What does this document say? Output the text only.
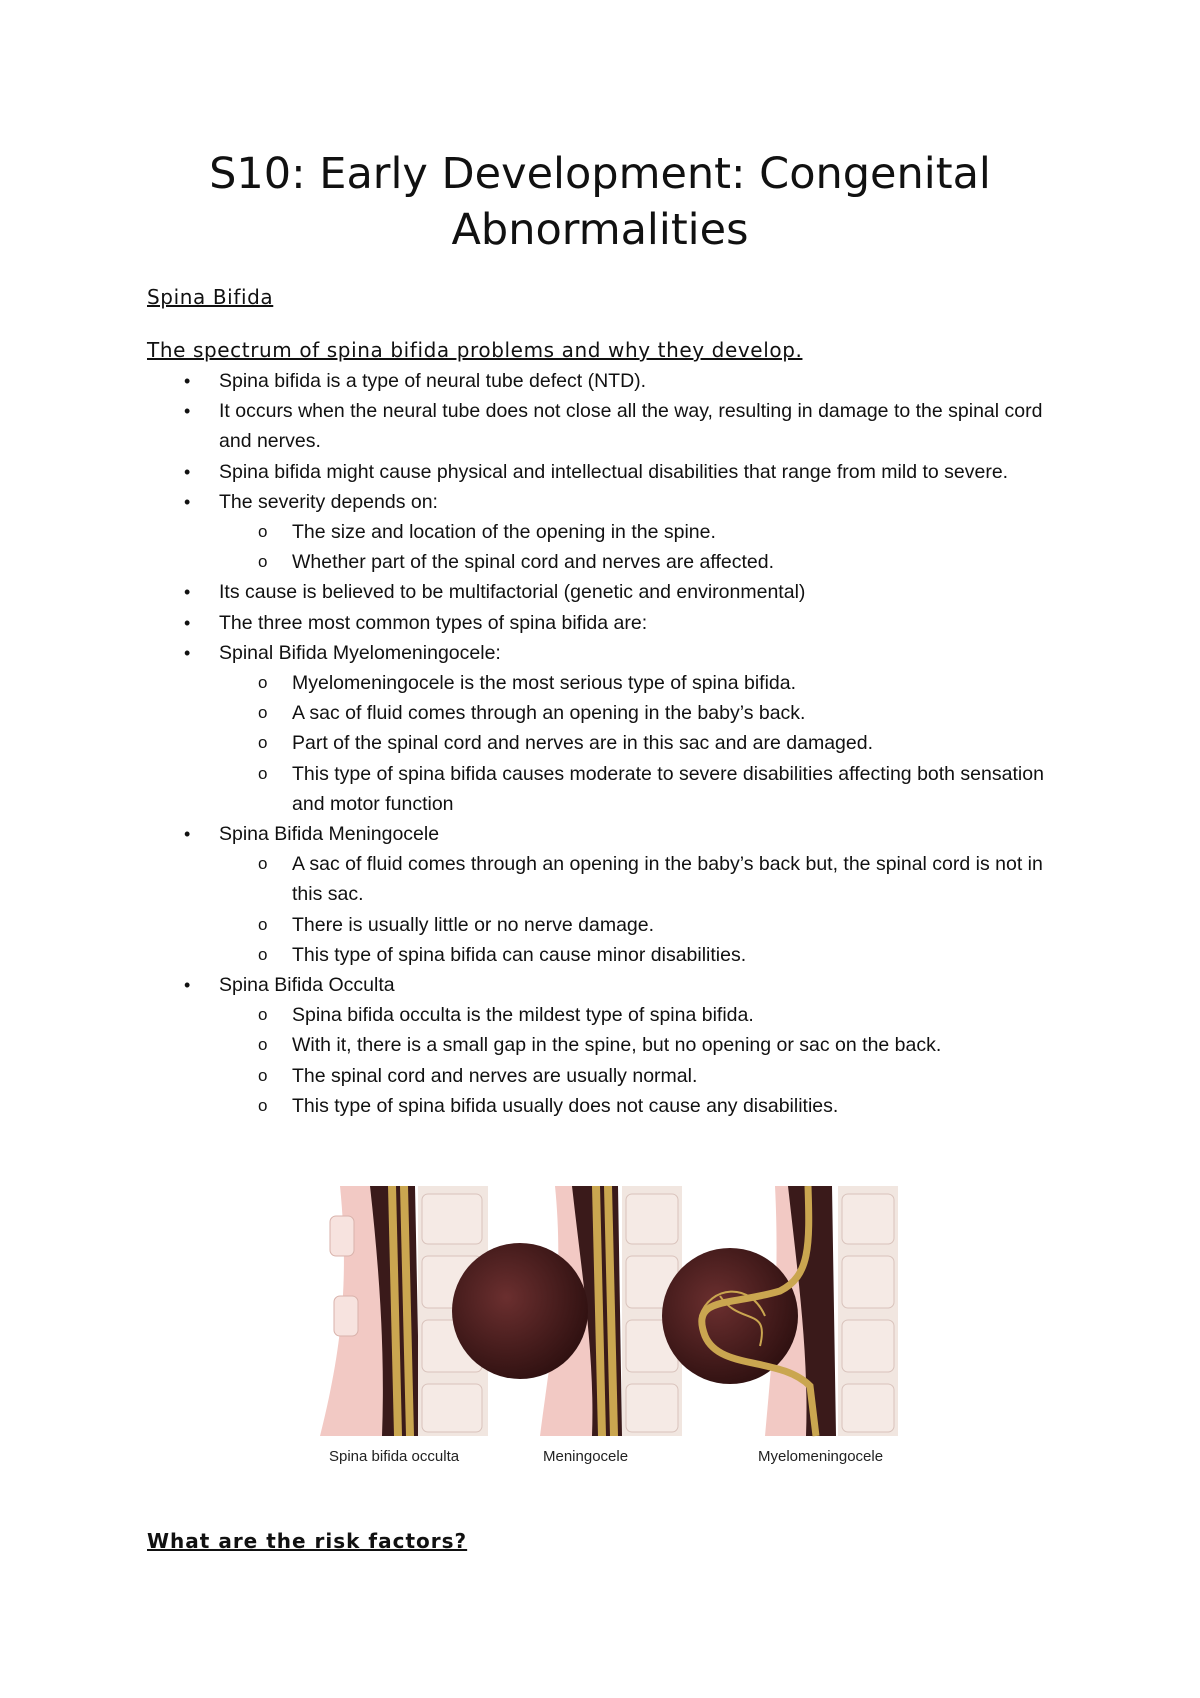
S10: Early Development: Congenital Abnormalities
Spina Bifida
The spectrum of spina bifida problems and why they develop.
• Spina bifida is a type of neural tube defect (NTD).
• It occurs when the neural tube does not close all the way, resulting in damage to the spinal cord and nerves.
• Spina bifida might cause physical and intellectual disabilities that range from mild to severe.
• The severity depends on:
o The size and location of the opening in the spine.
o Whether part of the spinal cord and nerves are affected.
• Its cause is believed to be multifactorial (genetic and environmental)
• The three most common types of spina bifida are:
• Spinal Bifida Myelomeningocele:
o Myelomeningocele is the most serious type of spina bifida.
o A sac of fluid comes through an opening in the baby’s back.
o Part of the spinal cord and nerves are in this sac and are damaged.
o This type of spina bifida causes moderate to severe disabilities affecting both sensation and motor function
• Spina Bifida Meningocele
o A sac of fluid comes through an opening in the baby’s back but, the spinal cord is not in this sac.
o There is usually little or no nerve damage.
o This type of spina bifida can cause minor disabilities.
• Spina Bifida Occulta
o Spina bifida occulta is the mildest type of spina bifida.
o With it, there is a small gap in the spine, but no opening or sac on the back.
o The spinal cord and nerves are usually normal.
o This type of spina bifida usually does not cause any disabilities.
Spina bifida occulta	Meningocele	Myelomeningocele
What are the risk factors?
